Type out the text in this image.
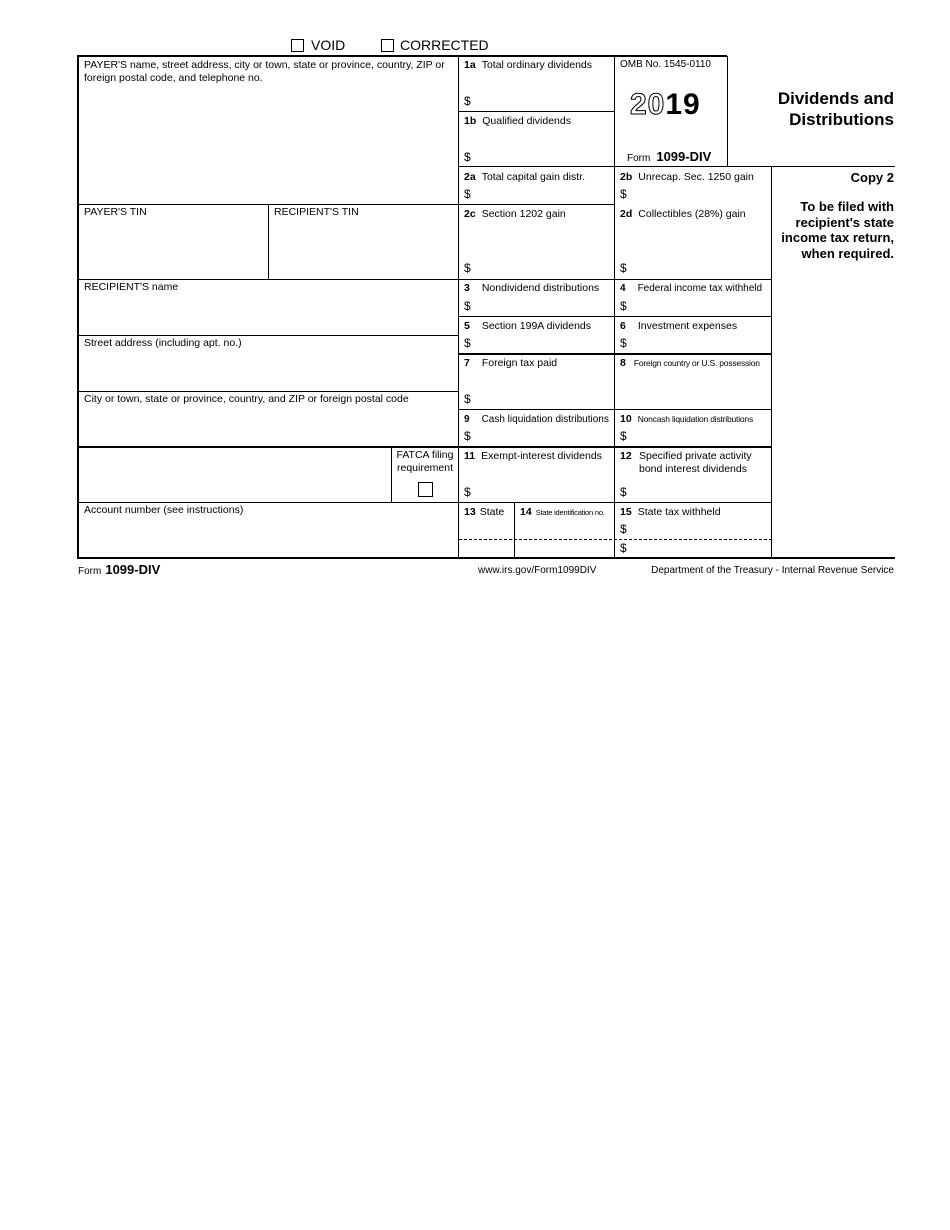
VOID	CORRECTED
PAYER'S name, street address, city or town, state or province, country, ZIP or foreign postal code, and telephone no.
PAYER'S TIN	RECIPIENT'S TIN
RECIPIENT'S name
Street address (including apt. no.)
City or town, state or province, country, and ZIP or foreign postal code
FATCA filing requirement
Account number (see instructions)
1a Total ordinary dividends
$
1b Qualified dividends
$
2a Total capital gain distr.
$
2b Unrecap. Sec. 1250 gain
$
2c Section 1202 gain
$
2d Collectibles (28%) gain
$
3 Nondividend distributions
$
4 Federal income tax withheld
$
5 Section 199A dividends
$
6 Investment expenses
$
7 Foreign tax paid
$
8 Foreign country or U.S. possession
9 Cash liquidation distributions
$
10 Noncash liquidation distributions
$
11 Exempt-interest dividends
$
12 Specified private activity bond interest dividends
$
13 State 14 State identification no. 15 State tax withheld
$
$
OMB No. 1545-0110
2019
Form 1099-DIV
Dividends and
Distributions
Copy 2
To be filed with recipient's state income tax return, when required.
Form 1099-DIV	www.irs.gov/Form1099DIV	Department of the Treasury - Internal Revenue Service
